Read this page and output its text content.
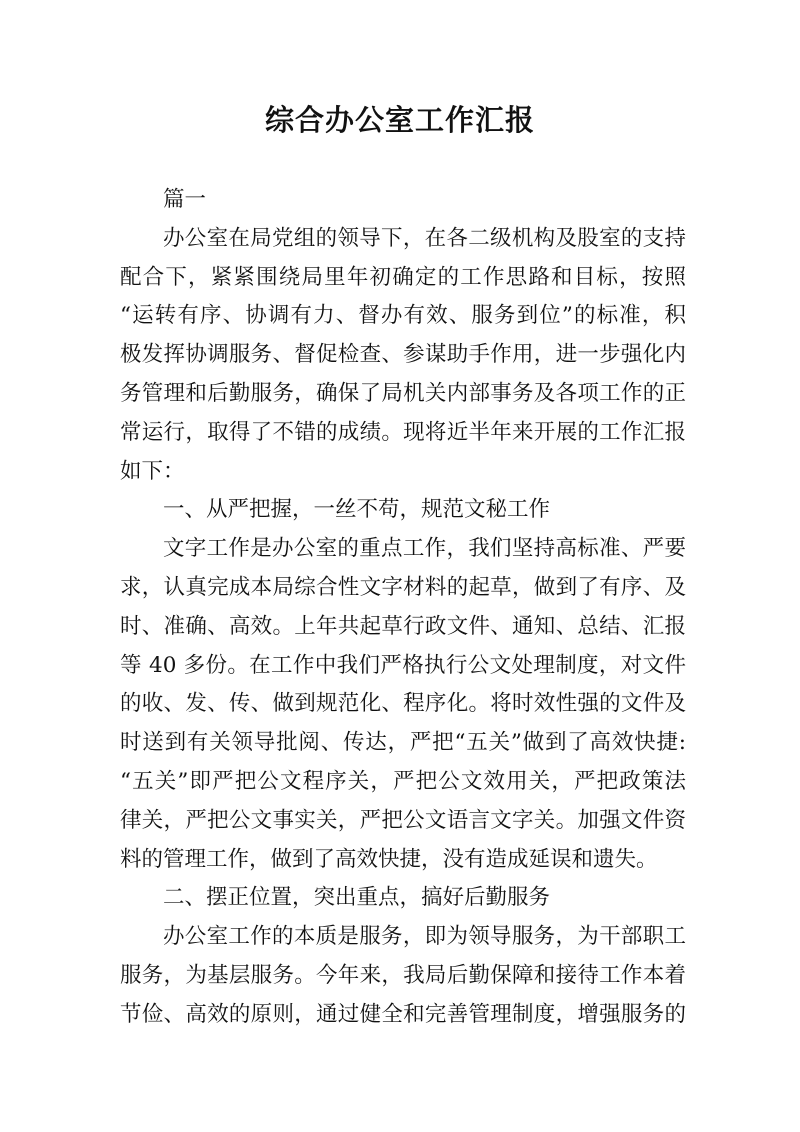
综合办公室工作汇报
篇一
办公室在局党组的领导下，在各二级机构及股室的支持
配合下，紧紧围绕局里年初确定的工作思路和目标，按照
“运转有序、协调有力、督办有效、服务到位”的标准，积
极发挥协调服务、督促检查、参谋助手作用，进一步强化内
务管理和后勤服务，确保了局机关内部事务及各项工作的正
常运行，取得了不错的成绩。现将近半年来开展的工作汇报
如下：
一、从严把握，一丝不苟，规范文秘工作
文字工作是办公室的重点工作，我们坚持高标准、严要
求，认真完成本局综合性文字材料的起草，做到了有序、及
时、准确、高效。上年共起草行政文件、通知、总结、汇报
等 40 多份。在工作中我们严格执行公文处理制度，对文件
的收、发、传、做到规范化、程序化。将时效性强的文件及
时送到有关领导批阅、传达，严把“五关”做到了高效快捷:
“五关”即严把公文程序关，严把公文效用关，严把政策法
律关，严把公文事实关，严把公文语言文字关。加强文件资
料的管理工作，做到了高效快捷，没有造成延误和遗失。
二、摆正位置，突出重点，搞好后勤服务
办公室工作的本质是服务，即为领导服务，为干部职工
服务，为基层服务。今年来，我局后勤保障和接待工作本着
节俭、高效的原则，通过健全和完善管理制度，增强服务的
